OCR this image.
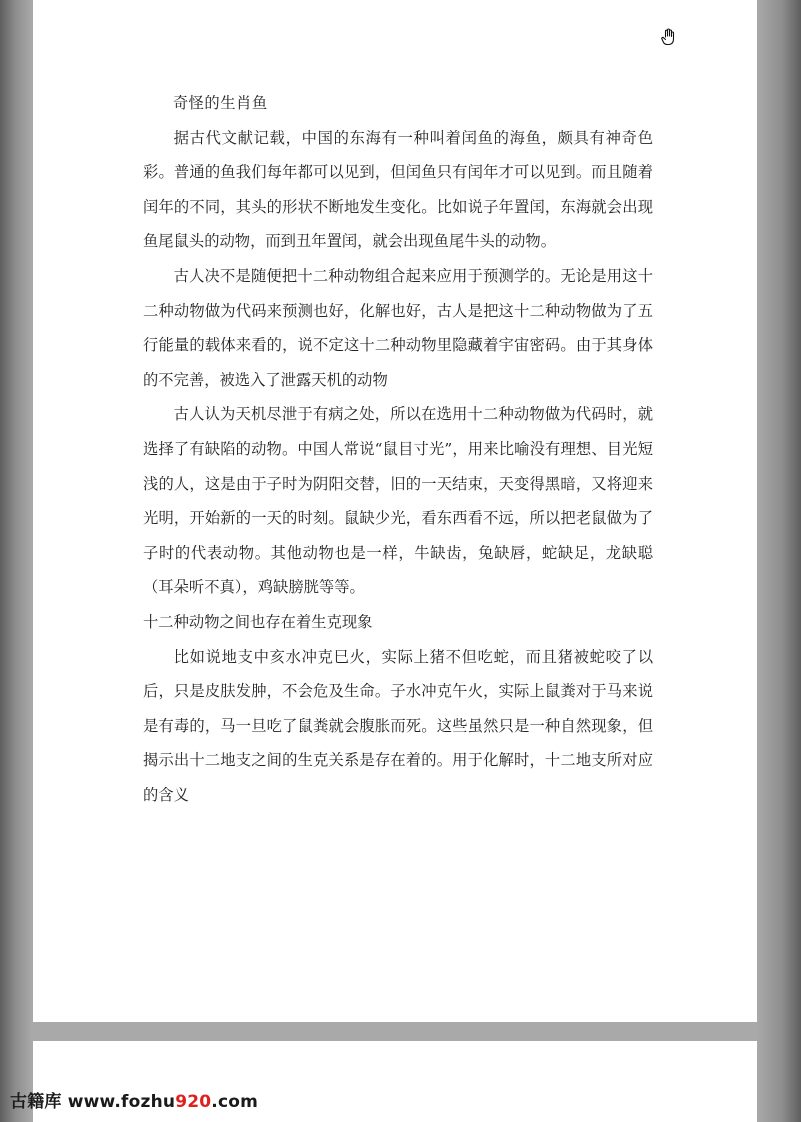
奇怪的生肖鱼

据古代文献记载，中国的东海有一种叫着闰鱼的海鱼，颇具有神奇色彩。普通的鱼我们每年都可以见到，但闰鱼只有闰年才可以见到。而且随着闰年的不同，其头的形状不断地发生变化。比如说子年置闰，东海就会出现鱼尾鼠头的动物，而到丑年置闰，就会出现鱼尾牛头的动物。

古人决不是随便把十二种动物组合起来应用于预测学的。无论是用这十二种动物做为代码来预测也好，化解也好，古人是把这十二种动物做为了五行能量的载体来看的，说不定这十二种动物里隐藏着宇宙密码。由于其身体的不完善，被选入了泄露天机的动物

古人认为天机尽泄于有病之处，所以在选用十二种动物做为代码时，就选择了有缺陷的动物。中国人常说“鼠目寸光”，用来比喻没有理想、目光短浅的人，这是由于子时为阴阳交替，旧的一天结束，天变得黑暗，又将迎来光明，开始新的一天的时刻。鼠缺少光，看东西看不远，所以把老鼠做为了子时的代表动物。其他动物也是一样，牛缺齿，兔缺唇，蛇缺足，龙缺聪（耳朵听不真），鸡缺膀胱等等。

十二种动物之间也存在着生克现象

比如说地支中亥水冲克巳火，实际上猪不但吃蛇，而且猪被蛇咬了以后，只是皮肤发肿，不会危及生命。子水冲克午火，实际上鼠粪对于马来说是有毒的，马一旦吃了鼠粪就会腹胀而死。这些虽然只是一种自然现象，但揭示出十二地支之间的生克关系是存在着的。用于化解时，十二地支所对应的含义

古籍库 www.fozhu920.com
